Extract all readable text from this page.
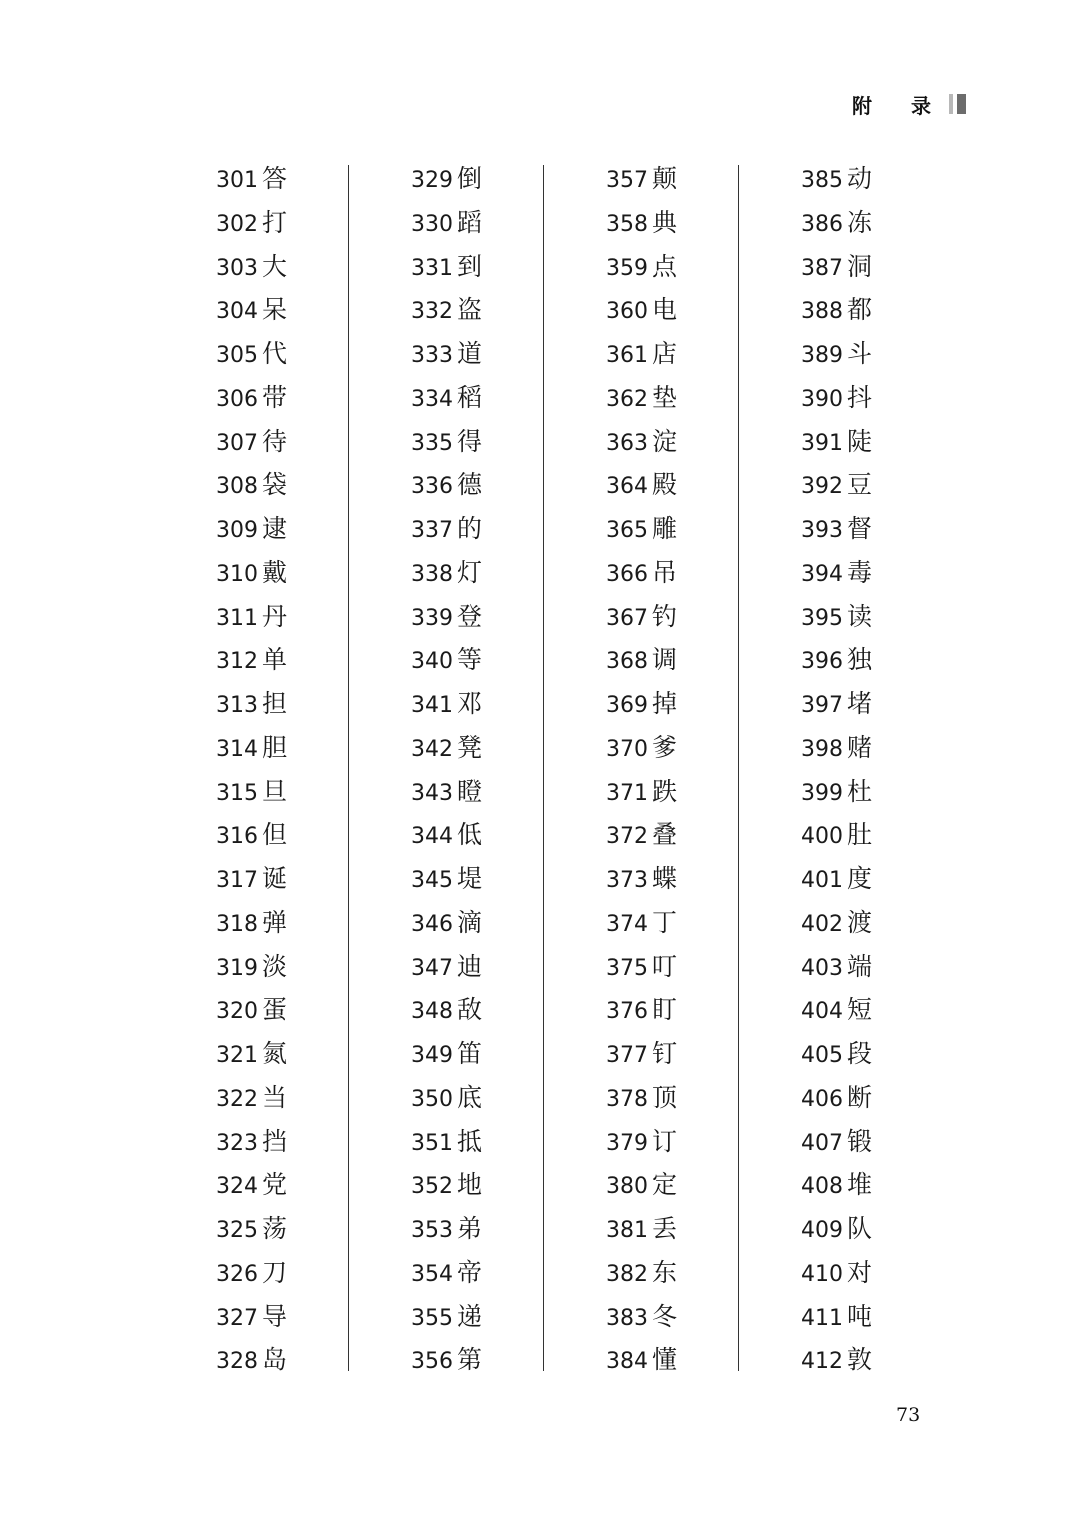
附 录
301 答
302 打
303 大
304 呆
305 代
306 带
307 待
308 袋
309 逮
310 戴
311 丹
312 单
313 担
314 胆
315 旦
316 但
317 诞
318 弹
319 淡
320 蛋
321 氮
322 当
323 挡
324 党
325 荡
326 刀
327 导
328 岛
329 倒
330 蹈
331 到
332 盗
333 道
334 稻
335 得
336 德
337 的
338 灯
339 登
340 等
341 邓
342 凳
343 瞪
344 低
345 堤
346 滴
347 迪
348 敌
349 笛
350 底
351 抵
352 地
353 弟
354 帝
355 递
356 第
357 颠
358 典
359 点
360 电
361 店
362 垫
363 淀
364 殿
365 雕
366 吊
367 钓
368 调
369 掉
370 爹
371 跌
372 叠
373 蝶
374 丁
375 叮
376 盯
377 钉
378 顶
379 订
380 定
381 丢
382 东
383 冬
384 懂
385 动
386 冻
387 洞
388 都
389 斗
390 抖
391 陡
392 豆
393 督
394 毒
395 读
396 独
397 堵
398 赌
399 杜
400 肚
401 度
402 渡
403 端
404 短
405 段
406 断
407 锻
408 堆
409 队
410 对
411 吨
412 敦
73
